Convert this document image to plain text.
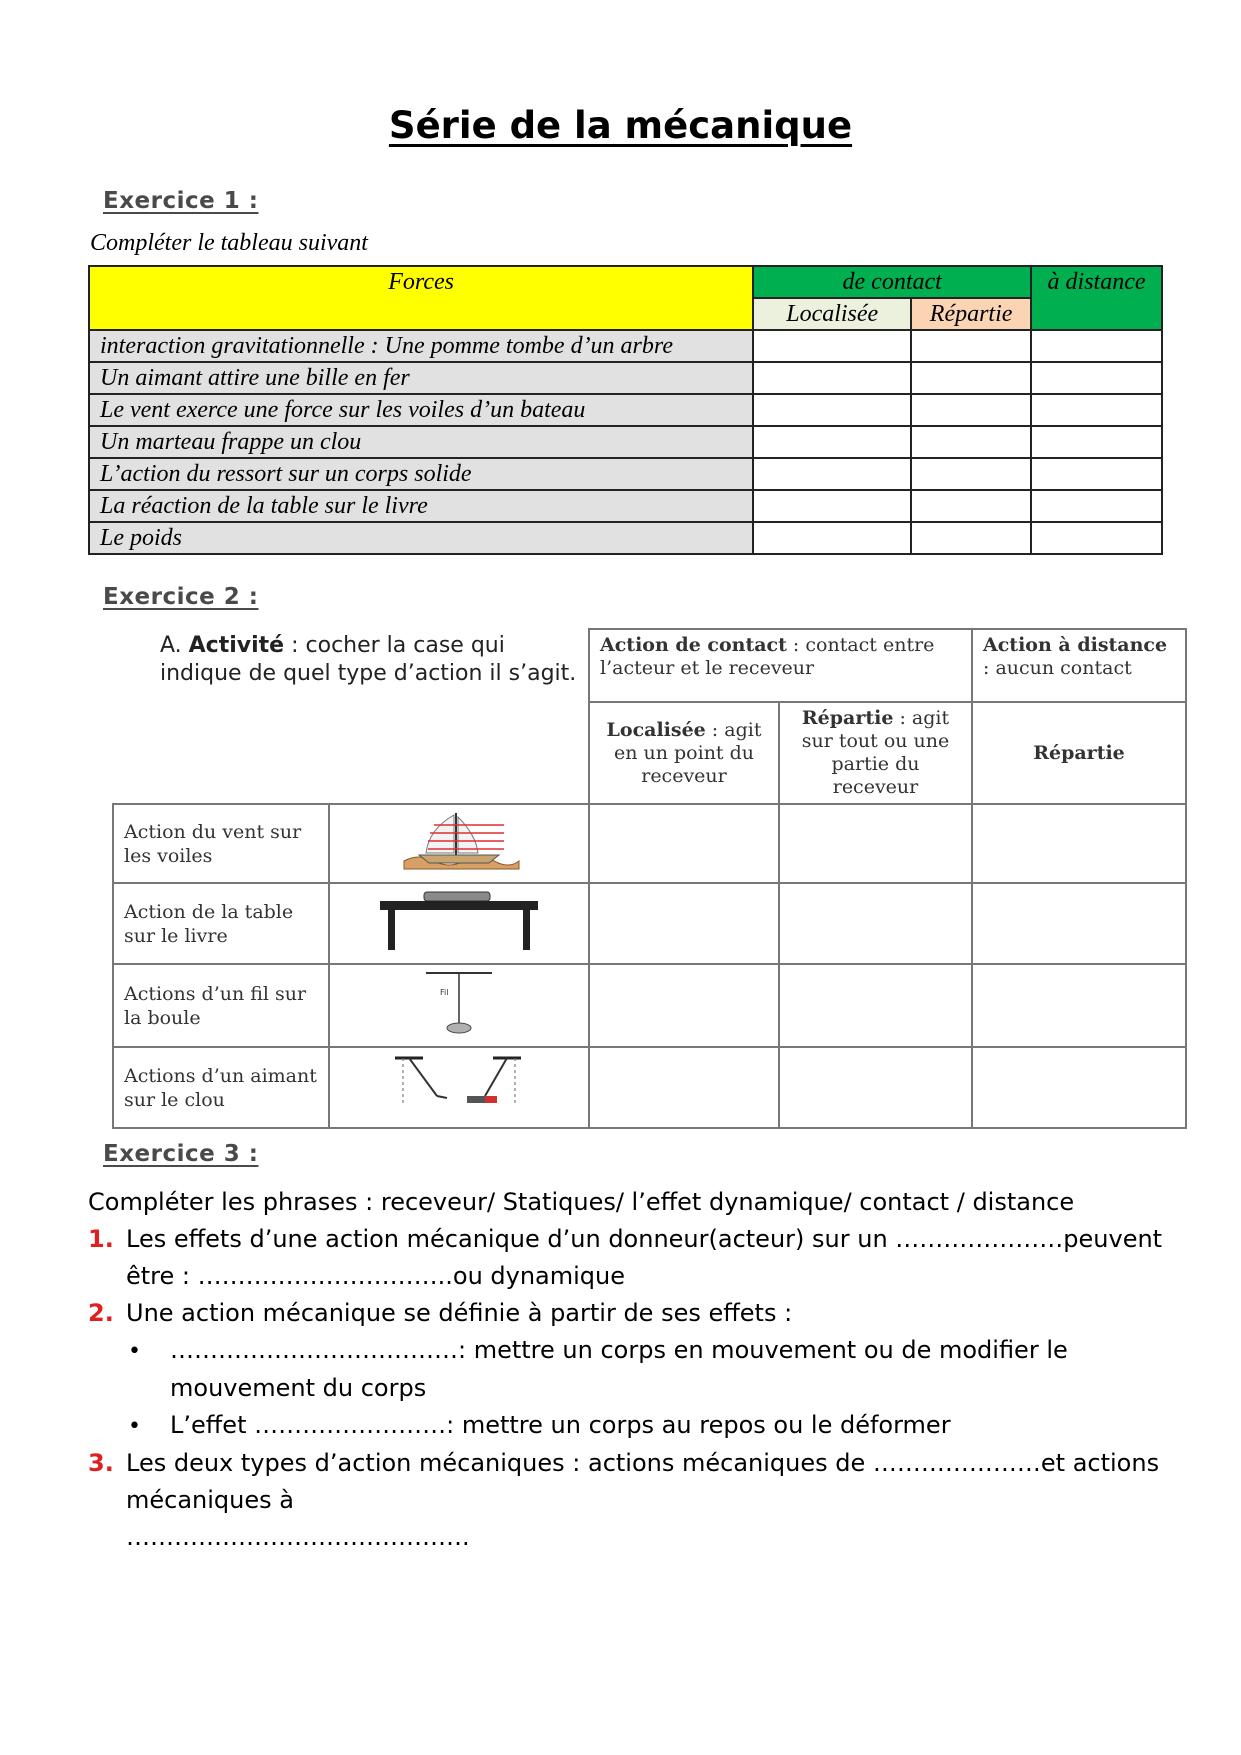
Série de la mécanique
Exercice 1 :
Compléter le tableau suivant
Forces	de contact		à distance
	Localisée	Répartie	
interaction gravitationnelle : Une pomme tombe d’un arbre			
Un aimant attire une bille en fer			
Le vent exerce une force sur les voiles d’un bateau			
Un marteau frappe un clou			
L’action du ressort sur un corps solide			
La réaction de la table sur le livre			
Le poids			
Exercice 2 :
A. Activité : cocher la case qui indique de quel type d’action il s’agit.
		Action de contact : contact entre l’acteur et le receveur		Action à distance : aucun contact
		Localisée : agit en un point du receveur	Répartie : agit sur tout ou une partie du receveur	Répartie
Action du vent sur les voiles				
Action de la table sur le livre				
Actions d’un fil sur la boule	Fil			

Actions d’un aimant sur le clou				
Exercice 3 :
Compléter les phrases : receveur/ Statiques/ l’effet dynamique/ contact / distance
1. Les effets d’une action mécanique d’un donneur(acteur) sur un …………………peuvent
être : …………………………..ou dynamique
2. Une action mécanique se définie à partir de ses effets :
• ………………………………: mettre un corps en mouvement ou de modifier le
mouvement du corps
• L’effet ……………………: mettre un corps au repos ou le déformer
3. Les deux types d’action mécaniques : actions mécaniques de …………………et actions
mécaniques à
…………………………………….
